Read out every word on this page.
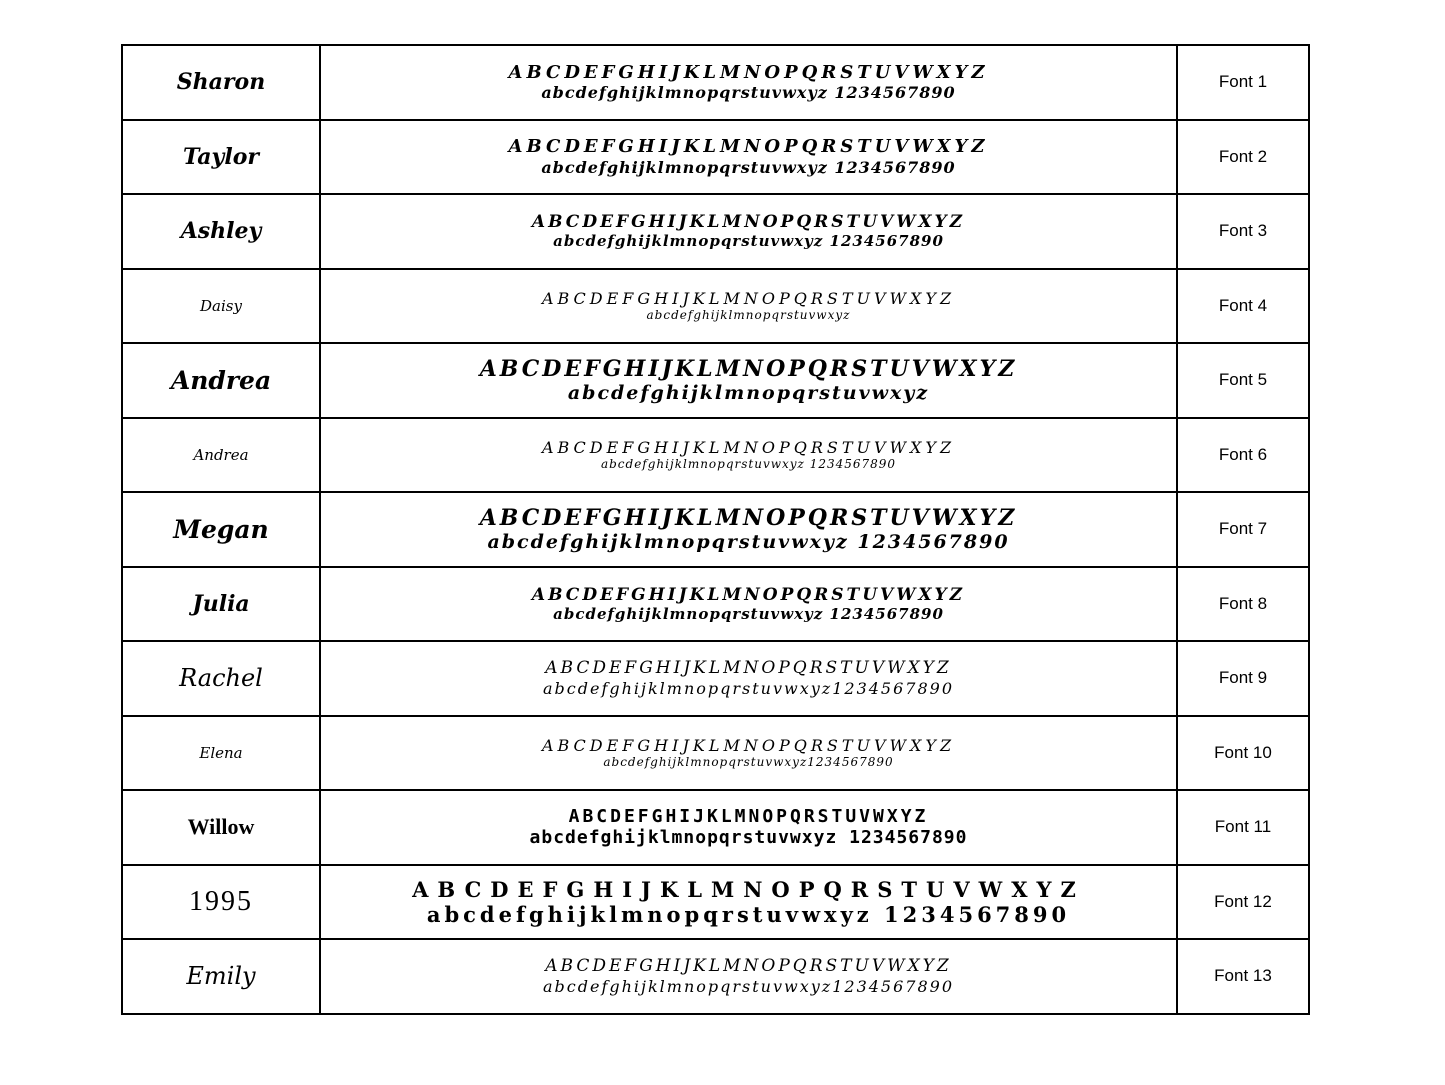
Sharon	ABCDEFGHIJKLMNOPQRSTUVWXYZ
abcdefghijklmnopqrstuvwxyz 1234567890	Font 1
Taylor	ABCDEFGHIJKLMNOPQRSTUVWXYZ
abcdefghijklmnopqrstuvwxyz 1234567890	Font 2
Ashley	ABCDEFGHIJKLMNOPQRSTUVWXYZ
abcdefghijklmnopqrstuvwxyz 1234567890	Font 3
Daisy	ABCDEFGHIJKLMNOPQRSTUVWXYZ
abcdefghijklmnopqrstuvwxyz	Font 4
Andrea	ABCDEFGHIJKLMNOPQRSTUVWXYZ
abcdefghijklmnopqrstuvwxyz	Font 5
Andrea	ABCDEFGHIJKLMNOPQRSTUVWXYZ
abcdefghijklmnopqrstuvwxyz 1234567890	Font 6
Megan	ABCDEFGHIJKLMNOPQRSTUVWXYZ
abcdefghijklmnopqrstuvwxyz 1234567890	Font 7
Julia	ABCDEFGHIJKLMNOPQRSTUVWXYZ
abcdefghijklmnopqrstuvwxyz 1234567890	Font 8
Rachel	ABCDEFGHIJKLMNOPQRSTUVWXYZ
abcdefghijklmnopqrstuvwxyz1234567890	Font 9
Elena	ABCDEFGHIJKLMNOPQRSTUVWXYZ
abcdefghijklmnopqrstuvwxyz1234567890	Font 10
Willow	ABCDEFGHIJKLMNOPQRSTUVWXYZ
abcdefghijklmnopqrstuvwxyz 1234567890	Font 11
1995	ABCDEFGHIJKLMNOPQRSTUVWXYZ
abcdefghijklmnopqrstuvwxyz 1234567890	Font 12
Emily	ABCDEFGHIJKLMNOPQRSTUVWXYZ
abcdefghijklmnopqrstuvwxyz1234567890	Font 13
